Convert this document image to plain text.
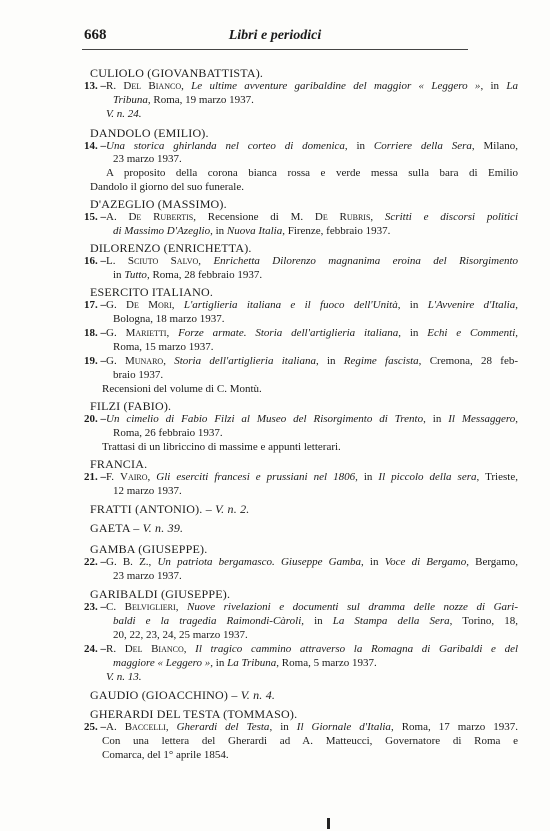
668	Libri e periodici
CULIOLO (GIOVANBATTISTA).
13. – R. Del Bianco, Le ultime avventure garibaldine del maggior « Leggero », in La
Tribuna, Roma, 19 marzo 1937.
V. n. 24.
DANDOLO (EMILIO).
14. – Una storica ghirlanda nel corteo di domenica, in Corriere della Sera, Milano,
23 marzo 1937.
A proposito della corona bianca rossa e verde messa sulla bara di Emilio
Dandolo il giorno del suo funerale.
D'AZEGLIO (MASSIMO).
15. – A. De Rubertis, Recensione di M. De Rubris, Scritti e discorsi politici
di Massimo D'Azeglio, in Nuova Italia, Firenze, febbraio 1937.
DILORENZO (ENRICHETTA).
16. – L. Sciuto Salvo, Enrichetta Dilorenzo magnanima eroina del Risorgimento
in Tutto, Roma, 28 febbraio 1937.
ESERCITO ITALIANO.
17. – G. De Mori, L'artiglieria italiana e il fuoco dell'Unità, in L'Avvenire d'Italia,
Bologna, 18 marzo 1937.
18. – G. Marietti, Forze armate. Storia dell'artiglieria italiana, in Echi e Commenti,
Roma, 15 marzo 1937.
19. – G. Munaro, Storia dell'artiglieria italiana, in Regime fascista, Cremona, 28 feb-
braio 1937.
Recensioni del volume di C. Montù.
FILZI (FABIO).
20. – Un cimelio di Fabio Filzi al Museo del Risorgimento di Trento, in Il Messaggero,
Roma, 26 febbraio 1937.
Trattasi di un libriccino di massime e appunti letterari.
FRANCIA.
21. – F. Vairo, Gli eserciti francesi e prussiani nel 1806, in Il piccolo della sera, Trieste,
12 marzo 1937.
FRATTI (ANTONIO). – V. n. 2.
GAETA – V. n. 39.
GAMBA (GIUSEPPE).
22. – G. B. Z., Un patriota bergamasco. Giuseppe Gamba, in Voce di Bergamo, Bergamo,
23 marzo 1937.
GARIBALDI (GIUSEPPE).
23. – C. Belviglieri, Nuove rivelazioni e documenti sul dramma delle nozze di Gari-
baldi e la tragedia Raimondi-Càroli, in La Stampa della Sera, Torino, 18,
20, 22, 23, 24, 25 marzo 1937.
24. – R. Del Bianco, Il tragico cammino attraverso la Romagna di Garibaldi e del
maggiore « Leggero », in La Tribuna, Roma, 5 marzo 1937.
V. n. 13.
GAUDIO (GIOACCHINO) – V. n. 4.
GHERARDI DEL TESTA (TOMMASO).
25. – A. Baccelli, Gherardi del Testa, in Il Giornale d'Italia, Roma, 17 marzo 1937.
Con una lettera del Gherardi ad A. Matteucci, Governatore di Roma e
Comarca, del 1° aprile 1854.
